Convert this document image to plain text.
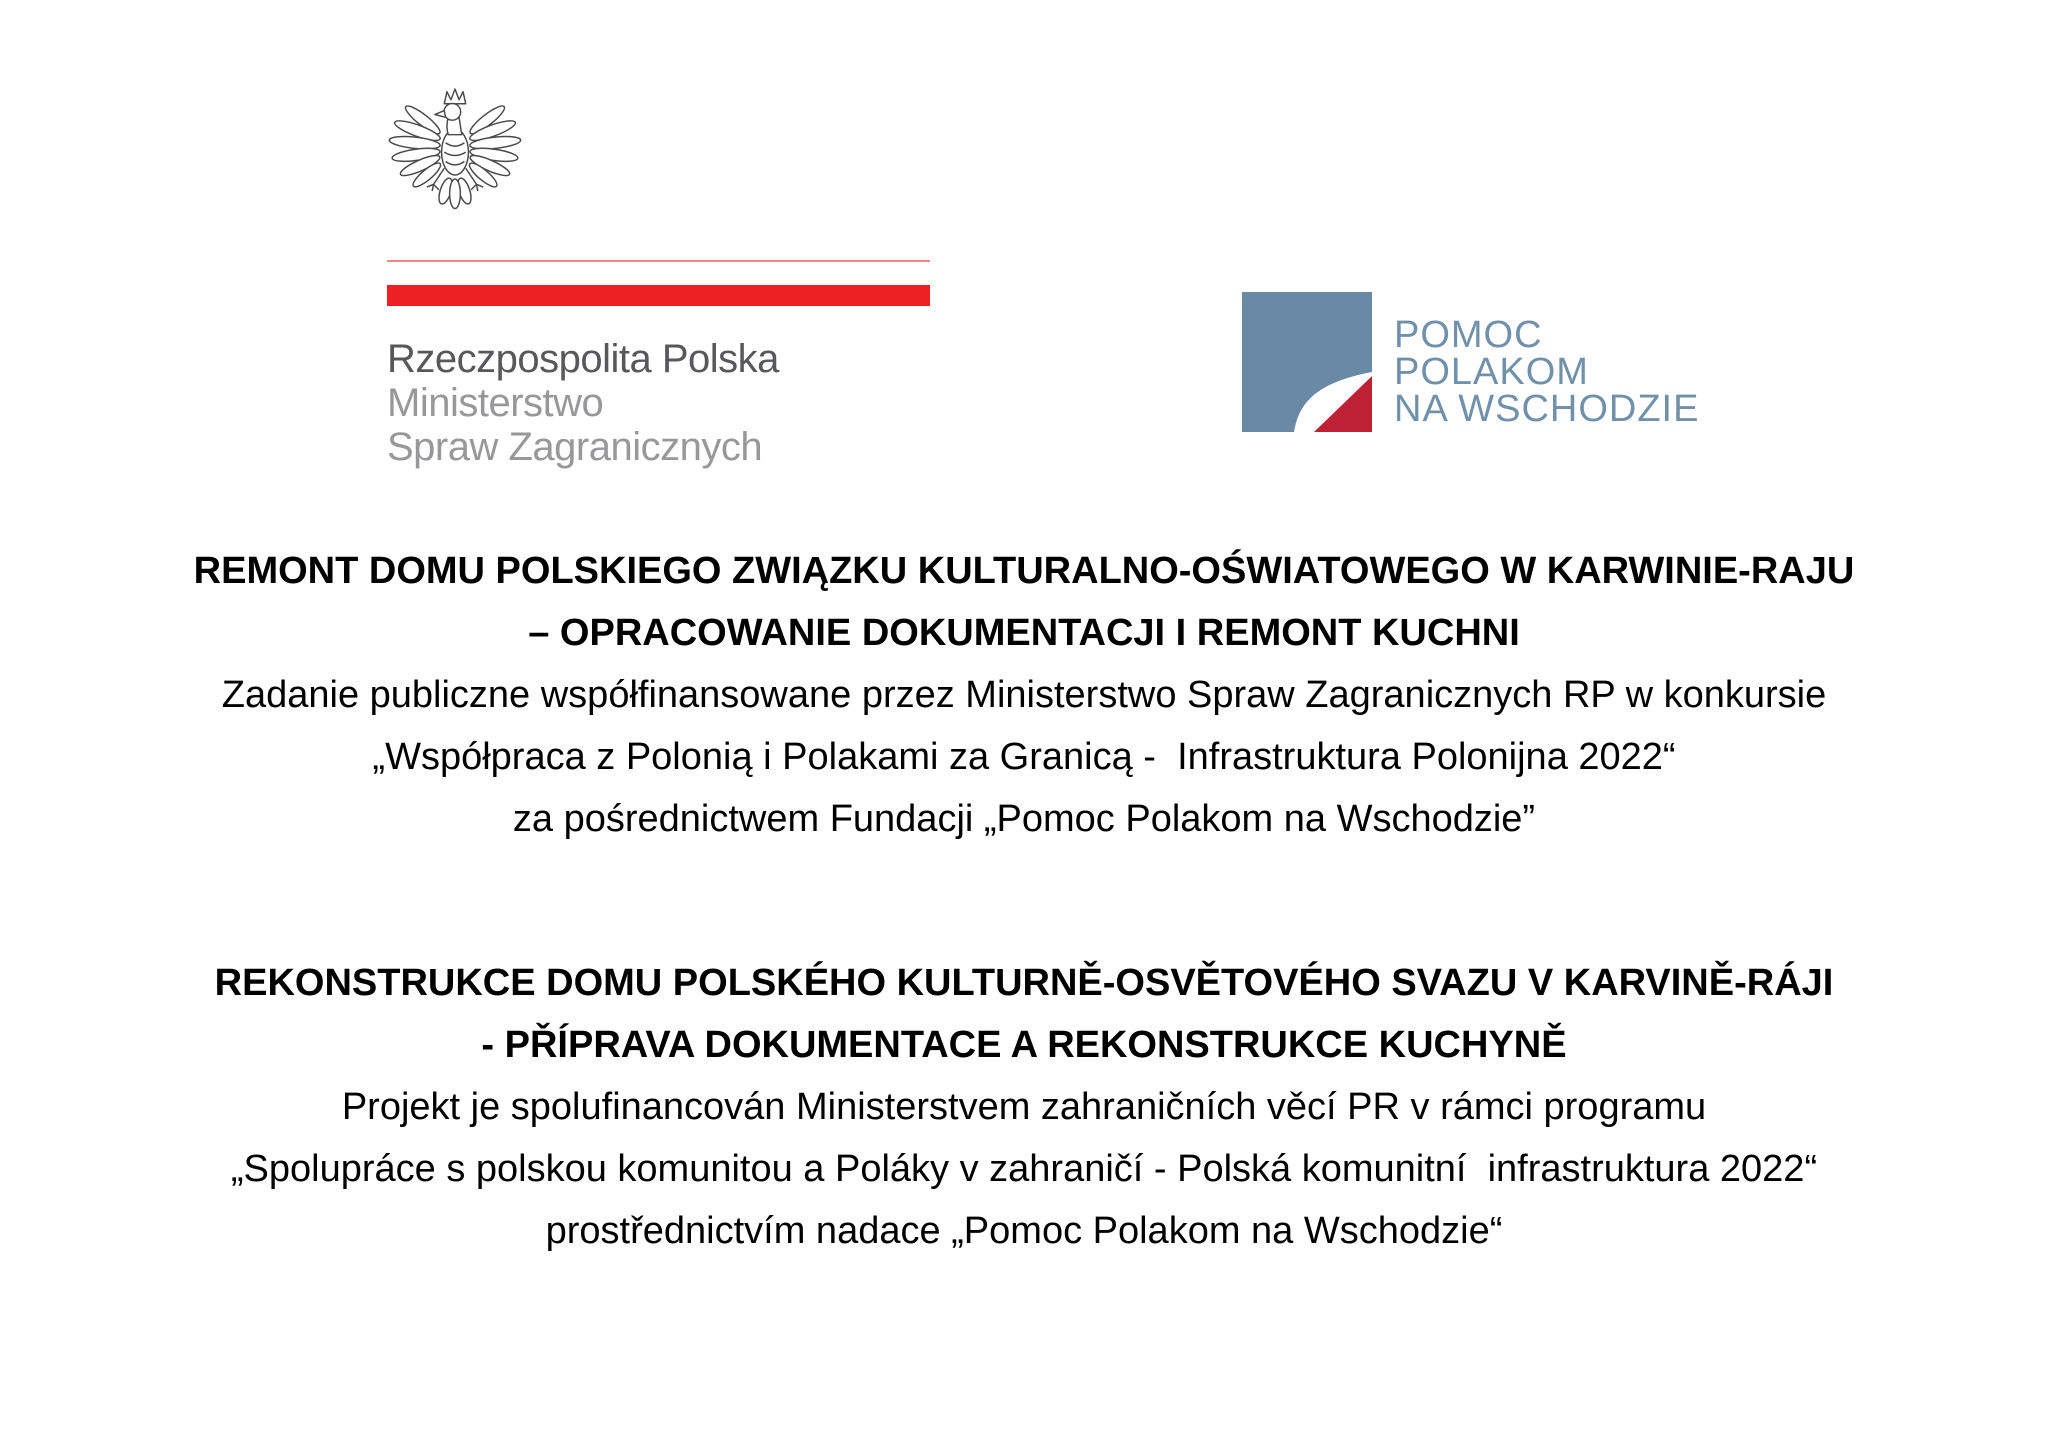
Rzeczpospolita Polska
Ministerstwo
Spraw Zagranicznych
POMOC
POLAKOM
NA WSCHODZIE
REMONT DOMU POLSKIEGO ZWIĄZKU KULTURALNO-OŚWIATOWEGO W KARWINIE-RAJU
– OPRACOWANIE DOKUMENTACJI I REMONT KUCHNI
Zadanie publiczne współfinansowane przez Ministerstwo Spraw Zagranicznych RP w konkursie
„Współpraca z Polonią i Polakami za Granicą -  Infrastruktura Polonijna 2022“
za pośrednictwem Fundacji „Pomoc Polakom na Wschodzie”
REKONSTRUKCE DOMU POLSKÉHO KULTURNĚ-OSVĚTOVÉHO SVAZU V KARVINĚ-RÁJI
- PŘÍPRAVA DOKUMENTACE A REKONSTRUKCE KUCHYNĚ
Projekt je spolufinancován Ministerstvem zahraničních věcí PR v rámci programu
„Spolupráce s polskou komunitou a Poláky v zahraničí - Polská komunitní  infrastruktura 2022“
prostřednictvím nadace „Pomoc Polakom na Wschodzie“
